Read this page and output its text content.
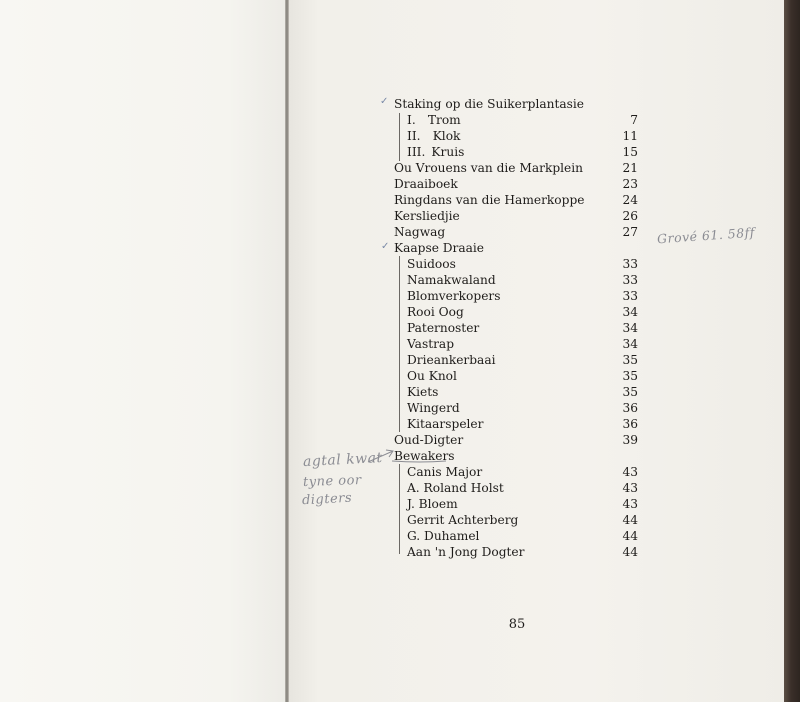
✓
✓
Staking op die Suikerplantasie
I. Trom	7
II. Klok	11
III. Kruis	15
Ou Vrouens van die Markplein	21
Draaiboek	23
Ringdans van die Hamerkoppe	24
Kersliedjie	26
Nagwag	27
Kaapse Draaie
Suidoos	33
Namakwaland	33
Blomverkopers	33
Rooi Oog	34
Paternoster	34
Vastrap	34
Drieankerbaai	35
Ou Knol	35
Kiets	35
Wingerd	36
Kitaarspeler	36
Oud-Digter	39
Bewakers
Canis Major	43
A. Roland Holst	43
J. Bloem	43
Gerrit Achterberg	44
G. Duhamel	44
Aan 'n Jong Dogter	44
Grové 61. 58ff
agtal kwat
tyne oor
digters
85
